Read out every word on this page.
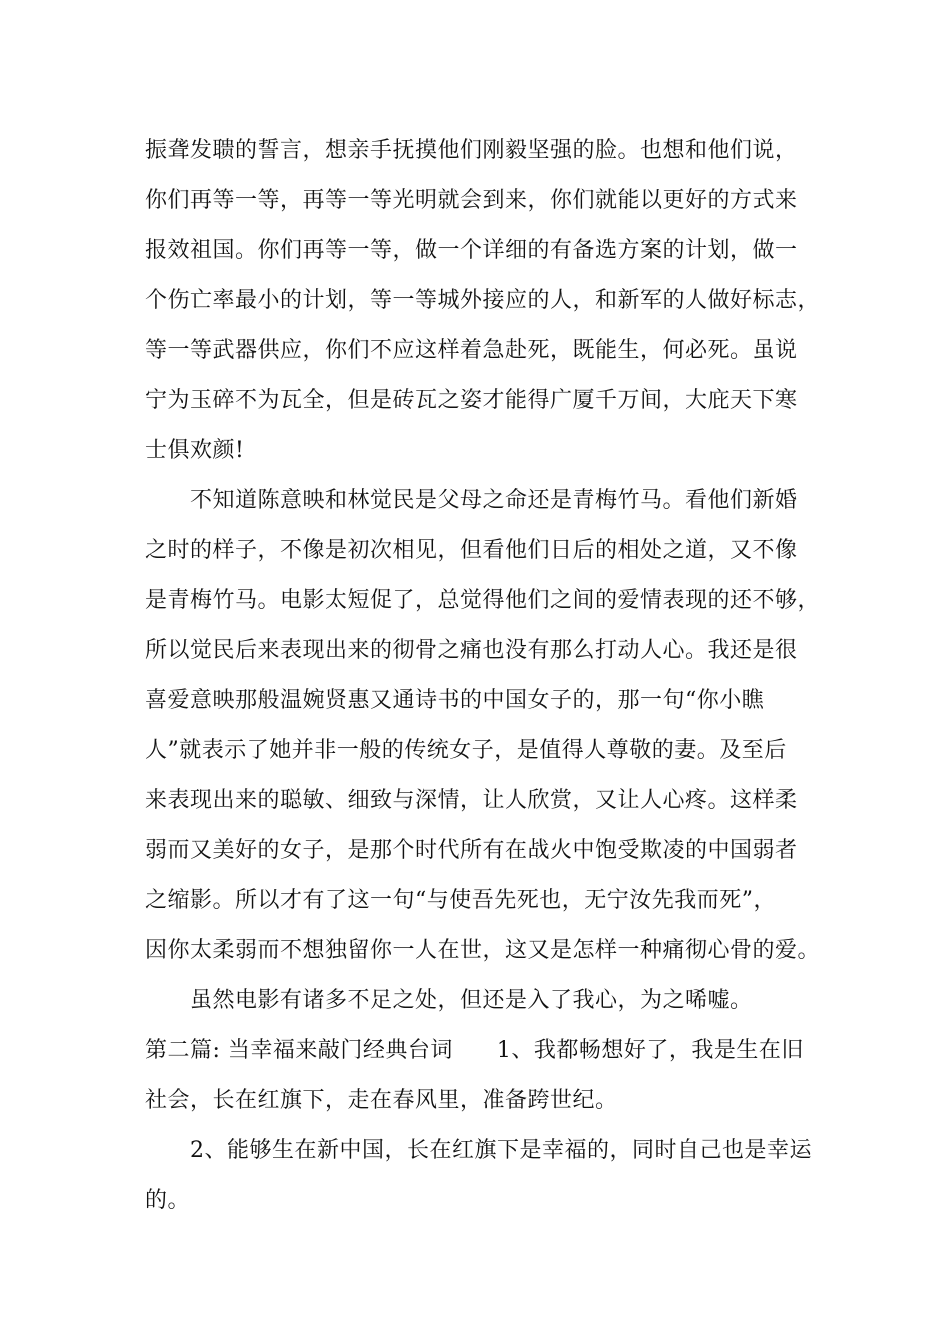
振聋发聩的誓言，想亲手抚摸他们刚毅坚强的脸。也想和他们说，
你们再等一等，再等一等光明就会到来，你们就能以更好的方式来
报效祖国。你们再等一等，做一个详细的有备选方案的计划，做一
个伤亡率最小的计划，等一等城外接应的人，和新军的人做好标志，
等一等武器供应，你们不应这样着急赴死，既能生，何必死。虽说
宁为玉碎不为瓦全，但是砖瓦之姿才能得广厦千万间，大庇天下寒
士俱欢颜!
不知道陈意映和林觉民是父母之命还是青梅竹马。看他们新婚
之时的样子，不像是初次相见，但看他们日后的相处之道，又不像
是青梅竹马。电影太短促了，总觉得他们之间的爱情表现的还不够，
所以觉民后来表现出来的彻骨之痛也没有那么打动人心。我还是很
喜爱意映那般温婉贤惠又通诗书的中国女子的，那一句“你小瞧
人”就表示了她并非一般的传统女子，是值得人尊敬的妻。及至后
来表现出来的聪敏、细致与深情，让人欣赏，又让人心疼。这样柔
弱而又美好的女子，是那个时代所有在战火中饱受欺凌的中国弱者
之缩影。所以才有了这一句“与使吾先死也，无宁汝先我而死”，
因你太柔弱而不想独留你一人在世，这又是怎样一种痛彻心骨的爱。
虽然电影有诸多不足之处，但还是入了我心，为之唏嘘。
第二篇: 当幸福来敲门经典台词 1、我都畅想好了，我是生在旧
社会，长在红旗下，走在春风里，准备跨世纪。
2、能够生在新中国，长在红旗下是幸福的，同时自己也是幸运
的。
